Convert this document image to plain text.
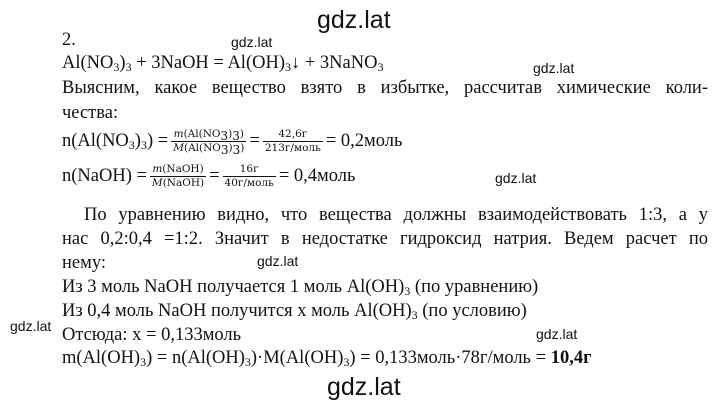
gdz.lat
gdz.lat
gdz.lat
gdz.lat
gdz.lat
gdz.lat	gdz.lat
gdz.lat
2.
$Al(NO_3)_3$ + 3NaOH = $Al(OH)_3↓$ + 3NaNO$_3$
Выясним, какое вещество взято в избытке, рассчитав химические коли-
чества:
$n(Al(NO_3)_3) = \frac{m(Al(NO_3)_3)}{M(Al(NO_3)_3)} = \frac{42,6г}{\text{213г/моль}}$ = 0,2моль
n(NaOH) = $\frac{\text{m(NaOH)}}{\text{M(NaOH)}} = \frac{16г}{\text{40г/моль}}$ = 0,4моль
По уравнению видно, что вещества должны взаимодействовать 1:3, а у
нас 0,2:0,4 =1:2. Значит в недостатке гидроксид натрия. Ведем расчет по
нему:
Из 3 моль NaOH получается 1 моль $Al(OH)_3$ (по уравнению)
Из 0,4 моль NaOH получится х моль $Al(OH)_3$ (по условию)
Отсюда: х = 0,133моль
$m(Al(OH)_3) = n(Al(OH)_3)\cdot M(Al(OH)_3)$ = 0,133моль·78г/моль = 10,4г
